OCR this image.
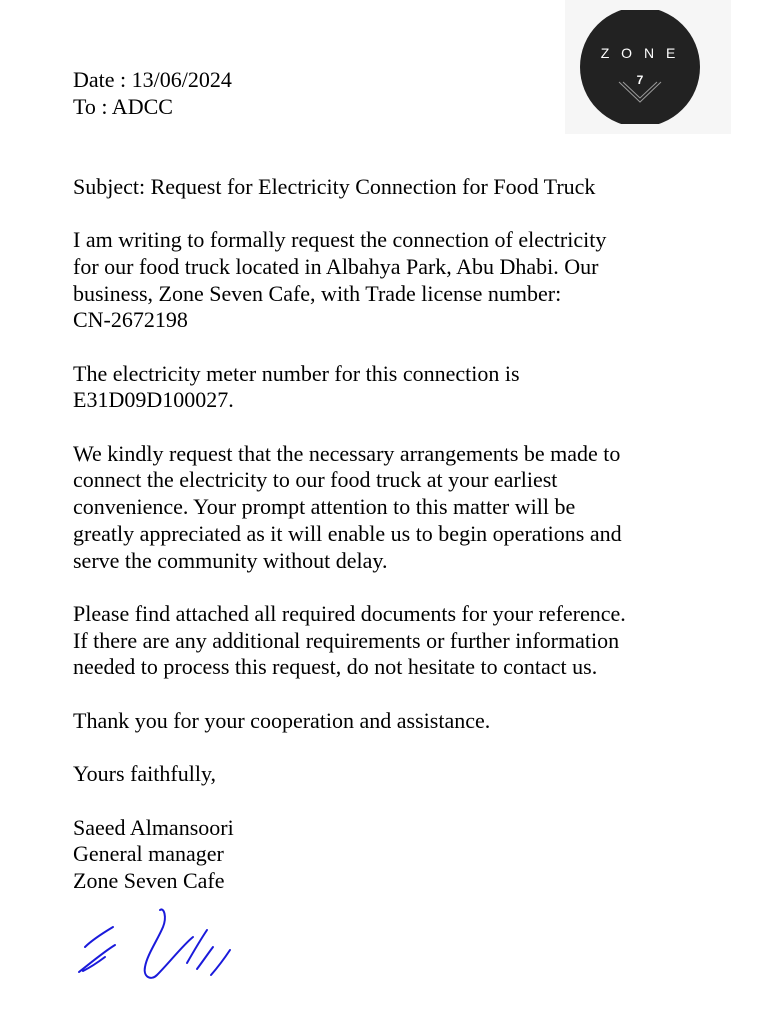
Z O N E
7
Date : 13/06/2024
To : ADCC
Subject: Request for Electricity Connection for Food Truck
I am writing to formally request the connection of electricity
for our food truck located in Albahya Park, Abu Dhabi. Our
business, Zone Seven Cafe, with Trade license number:
CN-2672198
The electricity meter number for this connection is
E31D09D100027.
We kindly request that the necessary arrangements be made to
connect the electricity to our food truck at your earliest
convenience. Your prompt attention to this matter will be
greatly appreciated as it will enable us to begin operations and
serve the community without delay.
Please find attached all required documents for your reference.
If there are any additional requirements or further information
needed to process this request, do not hesitate to contact us.
Thank you for your cooperation and assistance.
Yours faithfully,
Saeed Almansoori
General manager
Zone Seven Cafe
